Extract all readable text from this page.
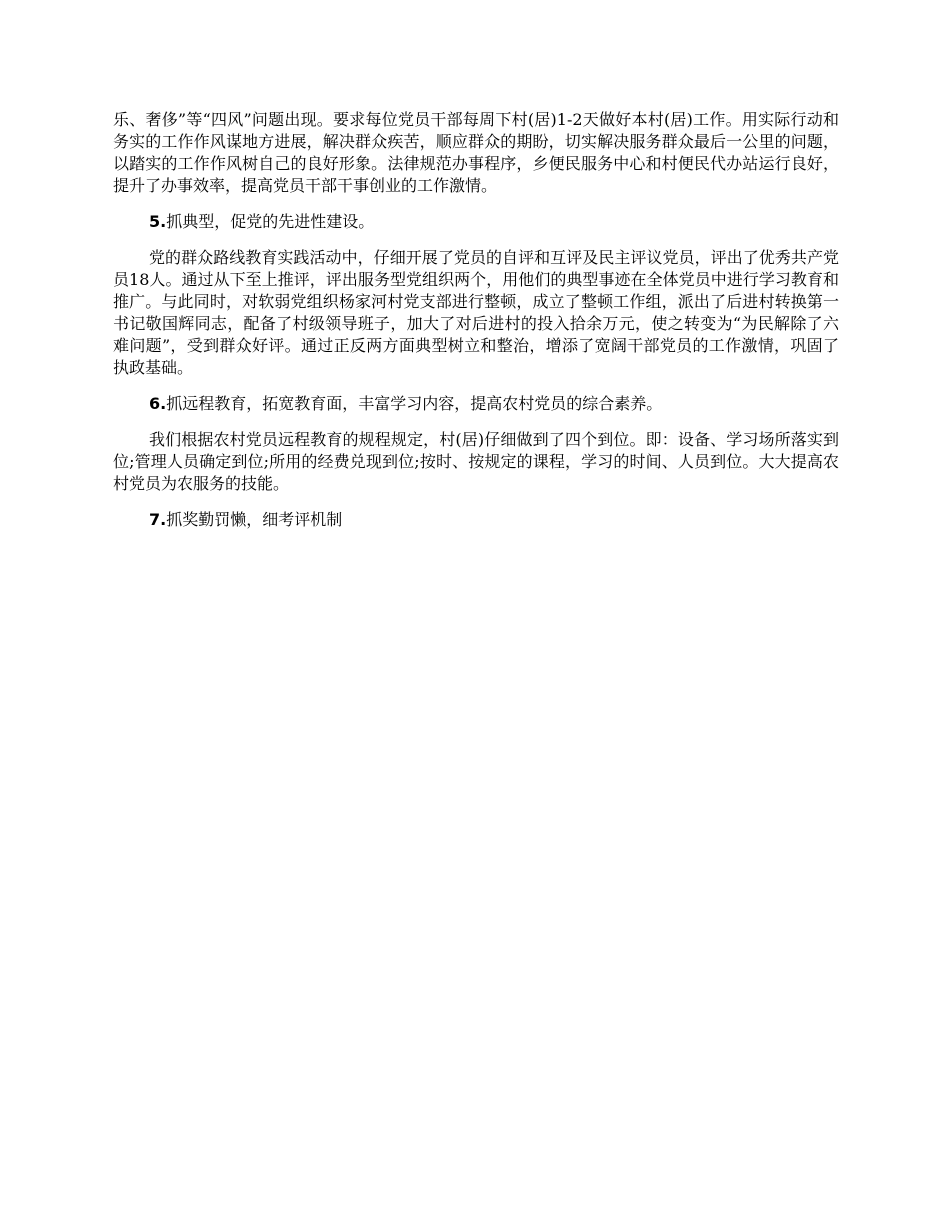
乐、奢侈”等“四风”问题出现。要求每位党员干部每周下村(居)1-2天做好本村(居)工作。用实际行动和务实的工作作风谋地方进展，解决群众疾苦，顺应群众的期盼，切实解决服务群众最后一公里的问题，以踏实的工作作风树自己的良好形象。法律规范办事程序，乡便民服务中心和村便民代办站运行良好，提升了办事效率，提高党员干部干事创业的工作激情。

5.抓典型，促党的先进性建设。

党的群众路线教育实践活动中，仔细开展了党员的自评和互评及民主评议党员，评出了优秀共产党员18人。通过从下至上推评，评出服务型党组织两个，用他们的典型事迹在全体党员中进行学习教育和推广。与此同时，对软弱党组织杨家河村党支部进行整顿，成立了整顿工作组，派出了后进村转换第一书记敬国辉同志，配备了村级领导班子，加大了对后进村的投入拾余万元，使之转变为“为民解除了六难问题”，受到群众好评。通过正反两方面典型树立和整治，增添了宽阔干部党员的工作激情，巩固了执政基础。

6.抓远程教育，拓宽教育面，丰富学习内容，提高农村党员的综合素养。

我们根据农村党员远程教育的规程规定，村(居)仔细做到了四个到位。即：设备、学习场所落实到位;管理人员确定到位;所用的经费兑现到位;按时、按规定的课程，学习的时间、人员到位。大大提高农村党员为农服务的技能。

7.抓奖勤罚懒，细考评机制
